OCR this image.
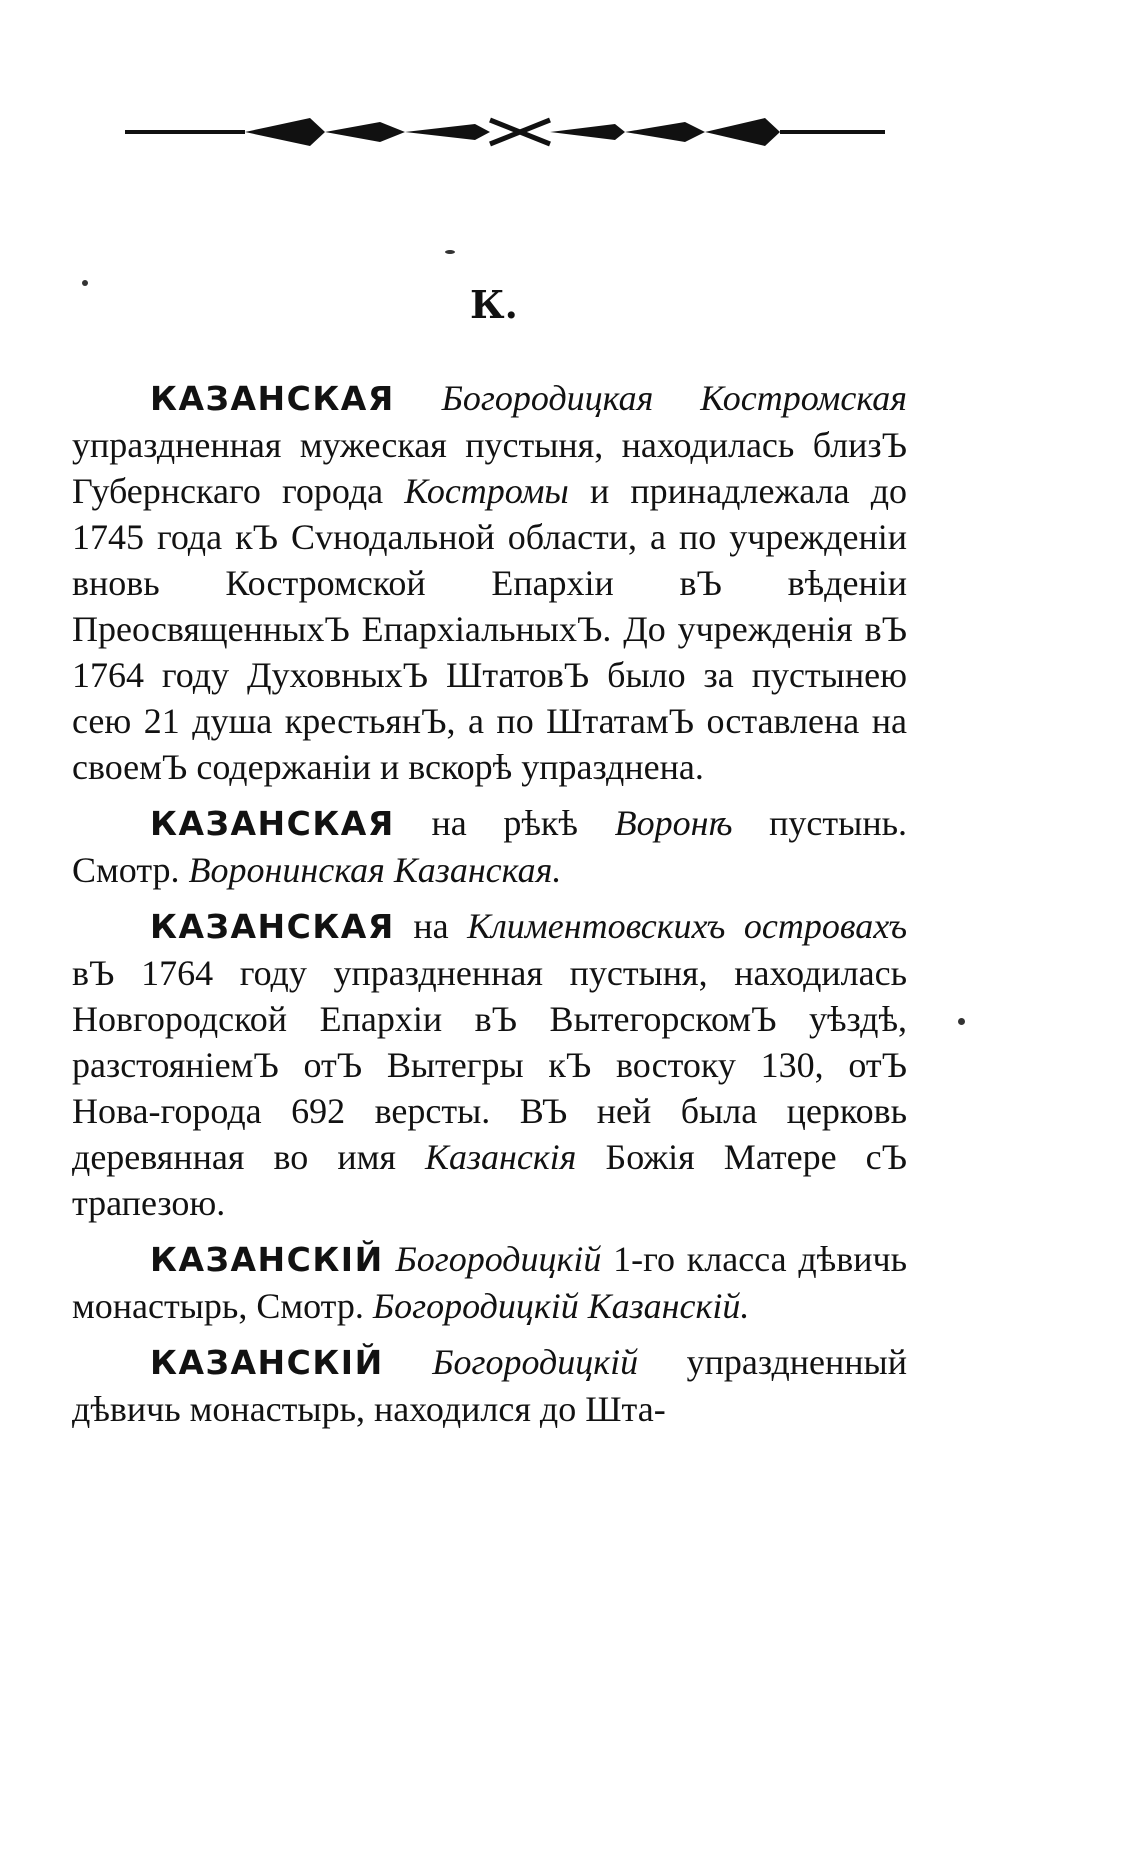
К.

КАЗАНСКАЯ Богородицкая Костромская упраздненная мужеская пустыня, находилась близЪ Губернскаго города Костромы и принадлежала до 1745 года кЪ Сvнодальной области, а по учрежденіи вновь Костромской Епархіи вЪ вѣденіи ПреосвященныхЪ ЕпархіальныхЪ. До учрежденія вЪ 1764 году ДуховныхЪ ШтатовЪ было за пустынею сею 21 душа крестьянЪ, а по ШтатамЪ оставлена на своемЪ содержаніи и вскорѣ упразднена.

КАЗАНСКАЯ на рѣкѣ Воронѣ пустынь. Смотр. Воронинская Казанская.

КАЗАНСКАЯ на Климентовскихъ островахъ вЪ 1764 году упраздненная пустыня, находилась Новгородской Епархіи вЪ ВытегорскомЪ уѣздѣ, разстояніемЪ отЪ Вытегры кЪ востоку 130, отЪ Нова-города 692 версты. ВЪ ней была церковь деревянная во имя Казанскія Божія Матере сЪ трапезою.

КАЗАНСКІЙ Богородицкій 1-го класса дѣвичь монастырь, Смотр. Богородицкій Казанскій.

КАЗАНСКІЙ Богородицкій упраздненный дѣвичь монастырь, находился до Шта-
